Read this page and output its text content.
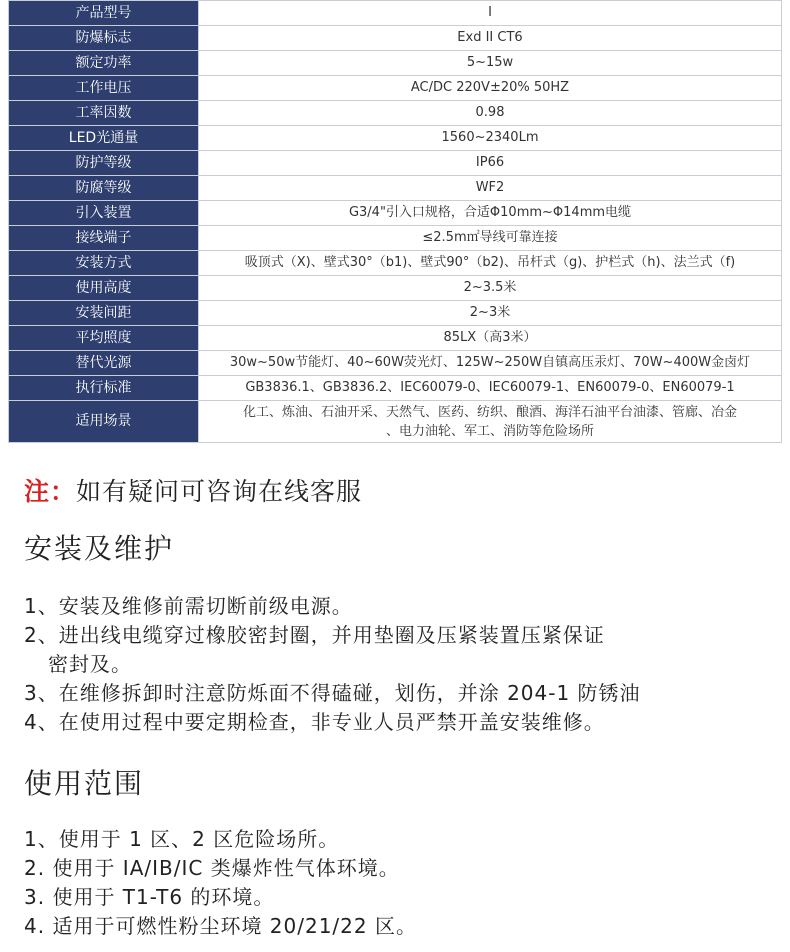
产品型号	I
防爆标志	Exd II CT6
额定功率	5~15w
工作电压	AC/DC 220V±20% 50HZ
工率因数	0.98
LED光通量	1560~2340Lm
防护等级	IP66
防腐等级	WF2
引入装置	G3/4"引入口规格，合适Φ10mm~Φ14mm电缆
接线端子	≤2.5m㎡导线可靠连接
安装方式	吸顶式（X)、壁式30°（b1)、壁式90°（b2)、吊杆式（g)、护栏式（h)、法兰式（f)
使用高度	2~3.5米
安装间距	2~3米
平均照度	85LX（高3米）
替代光源	30w~50w节能灯、40~60W荧光灯、125W~250W自镇高压汞灯、70W~400W金卤灯
执行标准	GB3836.1、GB3836.2、IEC60079-0、IEC60079-1、EN60079-0、EN60079-1
适用场景	化工、炼油、石油开采、天然气、医药、纺织、酿酒、海洋石油平台油漆、管廊、冶金
、电力油轮、军工、消防等危险场所
注：如有疑问可咨询在线客服
安装及维护
1、安装及维修前需切断前级电源。
2、进出线电缆穿过橡胶密封圈，并用垫圈及压紧装置压紧保证
密封及。
3、在维修拆卸时注意防烁面不得磕碰，划伤，并涂 204-1 防锈油
4、在使用过程中要定期检查，非专业人员严禁开盖安装维修。
使用范围
1、使用于 1 区、2 区危险场所。
2. 使用于 IA/IB/IC 类爆炸性气体环境。
3. 使用于 T1-T6 的环境。
4. 适用于可燃性粉尘环境 20/21/22 区。
